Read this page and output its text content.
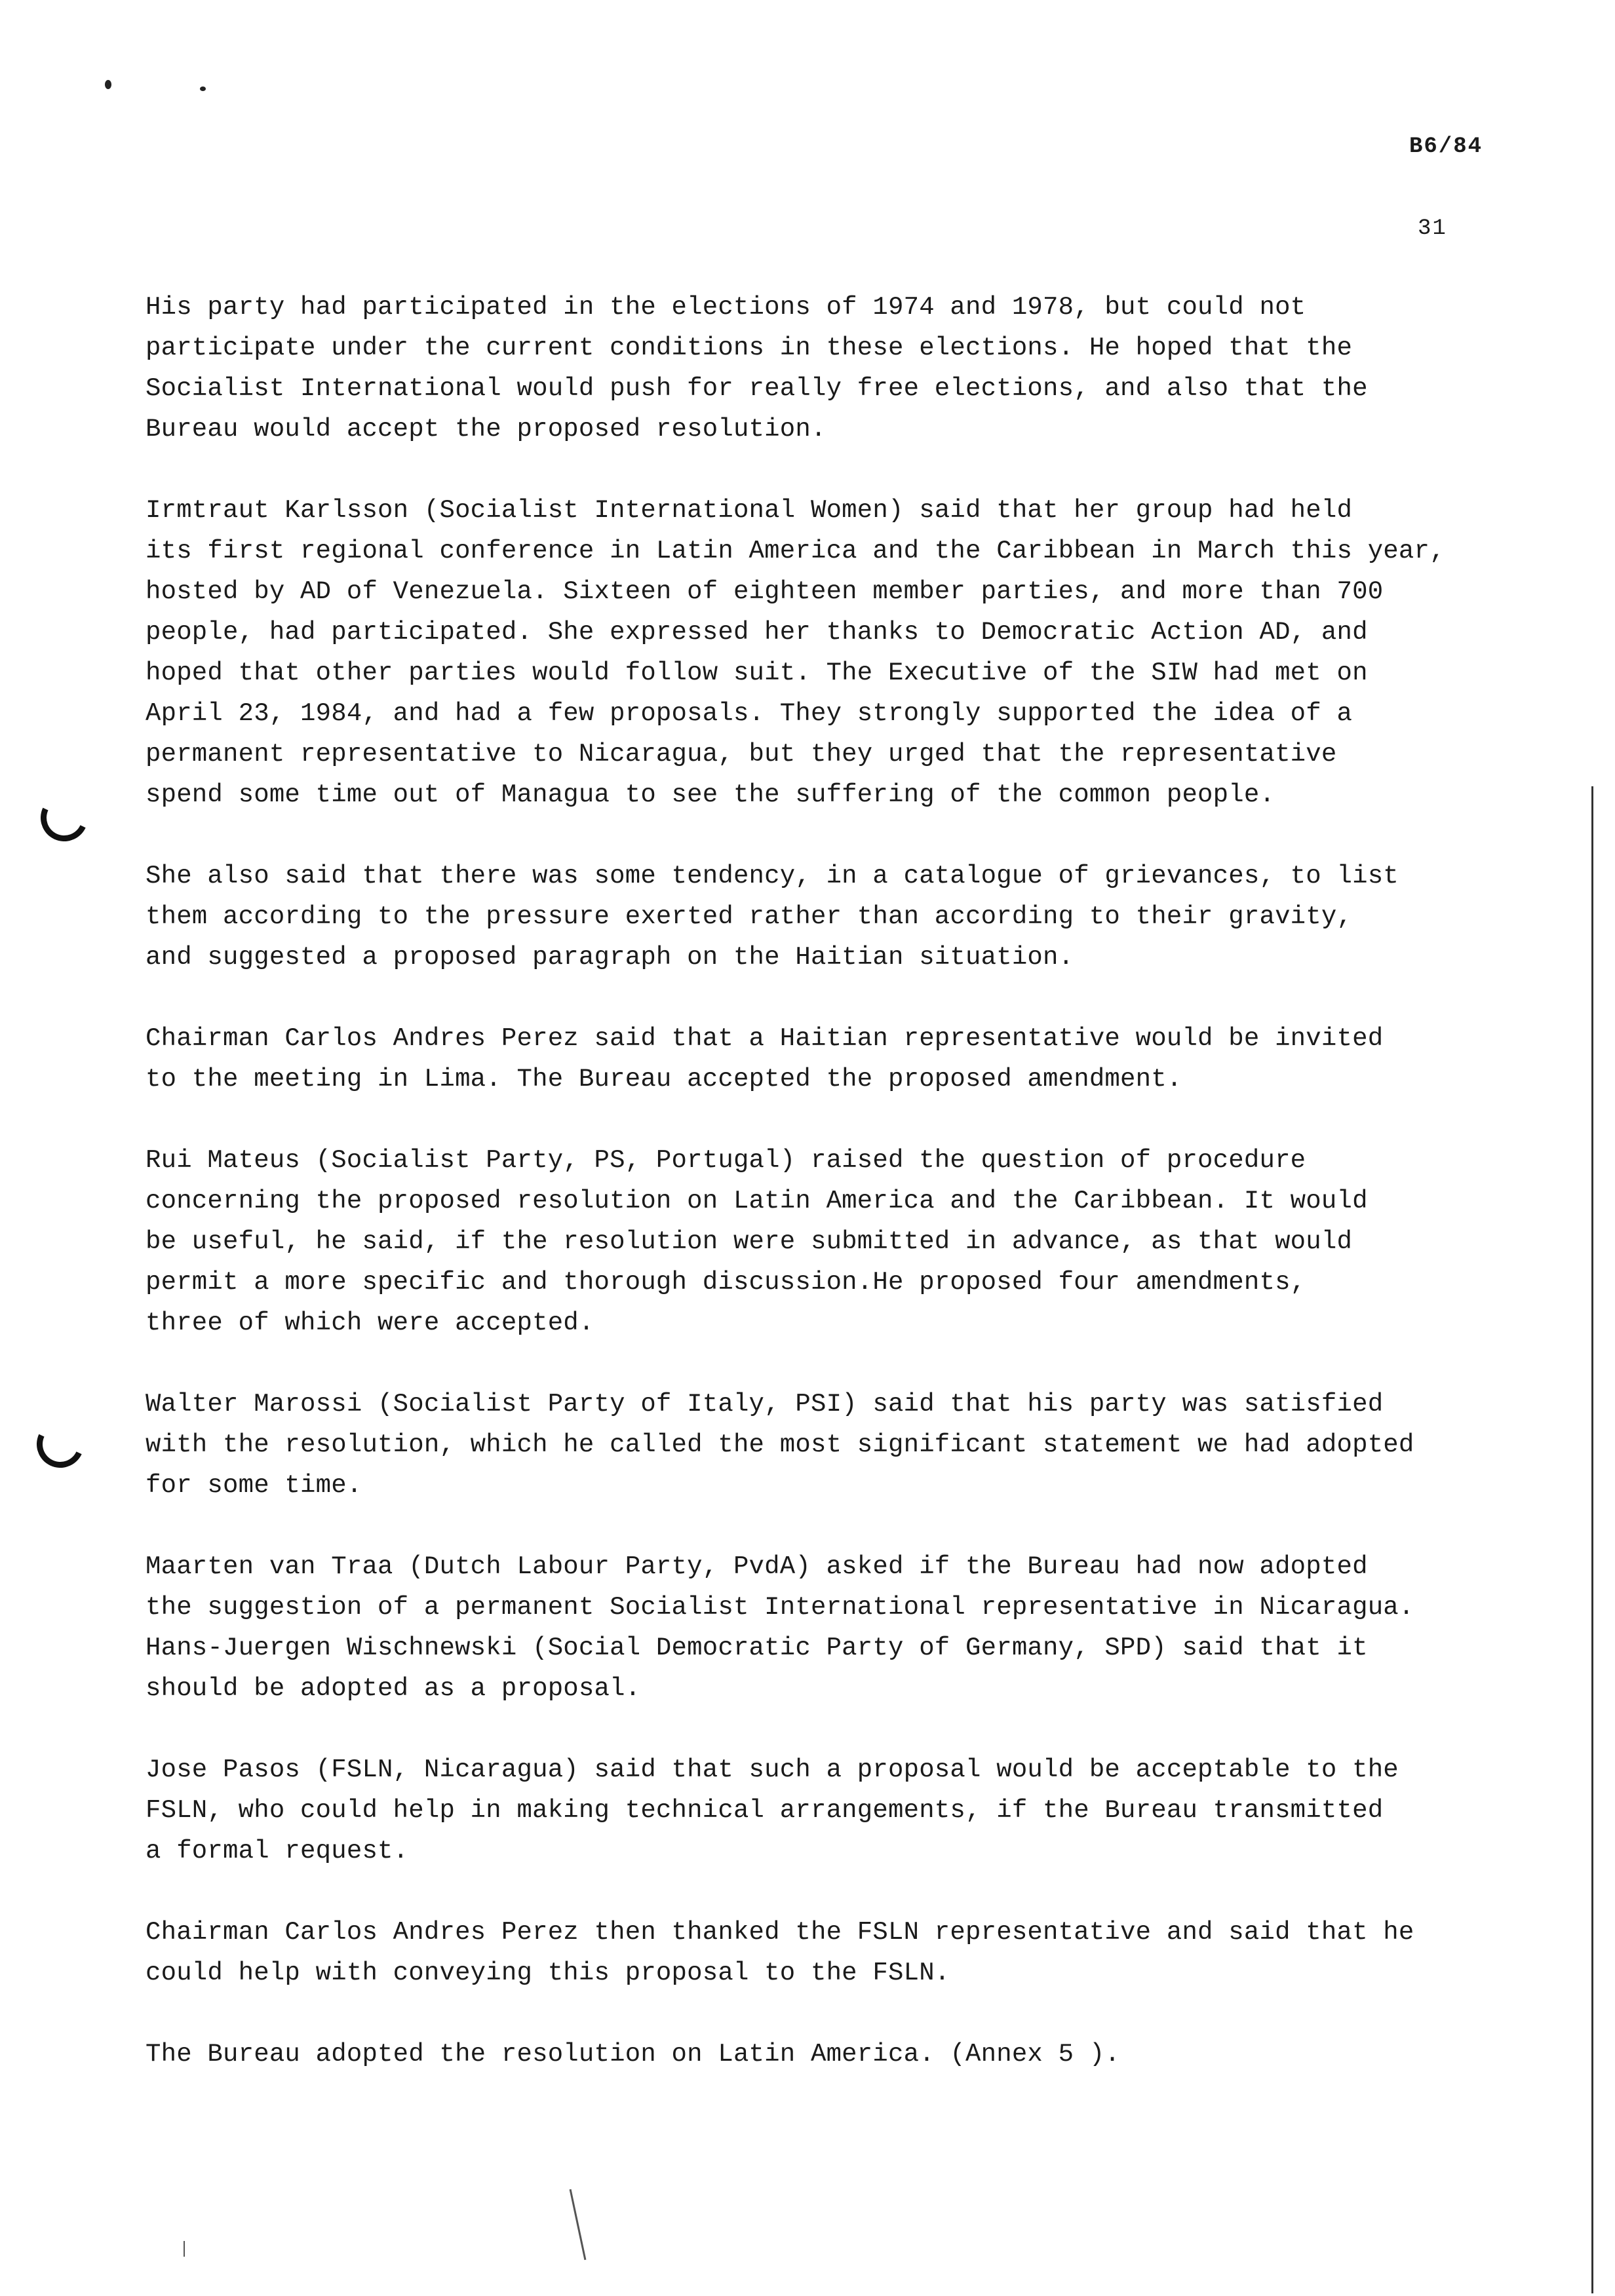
B6/84
31

His party had participated in the elections of 1974 and 1978, but could not
participate under the current conditions in these elections. He hoped that the
Socialist International would push for really free elections, and also that the
Bureau would accept the proposed resolution.

Irmtraut Karlsson (Socialist International Women) said that her group had held
its first regional conference in Latin America and the Caribbean in March this year,
hosted by AD of Venezuela. Sixteen of eighteen member parties, and more than 700
people, had participated. She expressed her thanks to Democratic Action AD, and
hoped that other parties would follow suit. The Executive of the SIW had met on
April 23, 1984, and had a few proposals. They strongly supported the idea of a
permanent representative to Nicaragua, but they urged that the representative
spend some time out of Managua to see the suffering of the common people.

She also said that there was some tendency, in a catalogue of grievances, to list
them according to the pressure exerted rather than according to their gravity,
and suggested a proposed paragraph on the Haitian situation.

Chairman Carlos Andres Perez said that a Haitian representative would be invited
to the meeting in Lima. The Bureau accepted the proposed amendment.

Rui Mateus (Socialist Party, PS, Portugal) raised the question of procedure
concerning the proposed resolution on Latin America and the Caribbean. It would
be useful, he said, if the resolution were submitted in advance, as that would
permit a more specific and thorough discussion.He proposed four amendments,
three of which were accepted.

Walter Marossi (Socialist Party of Italy, PSI) said that his party was satisfied
with the resolution, which he called the most significant statement we had adopted
for some time.

Maarten van Traa (Dutch Labour Party, PvdA) asked if the Bureau had now adopted
the suggestion of a permanent Socialist International representative in Nicaragua.
Hans-Juergen Wischnewski (Social Democratic Party of Germany, SPD) said that it
should be adopted as a proposal.

Jose Pasos (FSLN, Nicaragua) said that such a proposal would be acceptable to the
FSLN, who could help in making technical arrangements, if the Bureau transmitted
a formal request.

Chairman Carlos Andres Perez then thanked the FSLN representative and said that he
could help with conveying this proposal to the FSLN.

The Bureau adopted the resolution on Latin America. (Annex 5 ).
